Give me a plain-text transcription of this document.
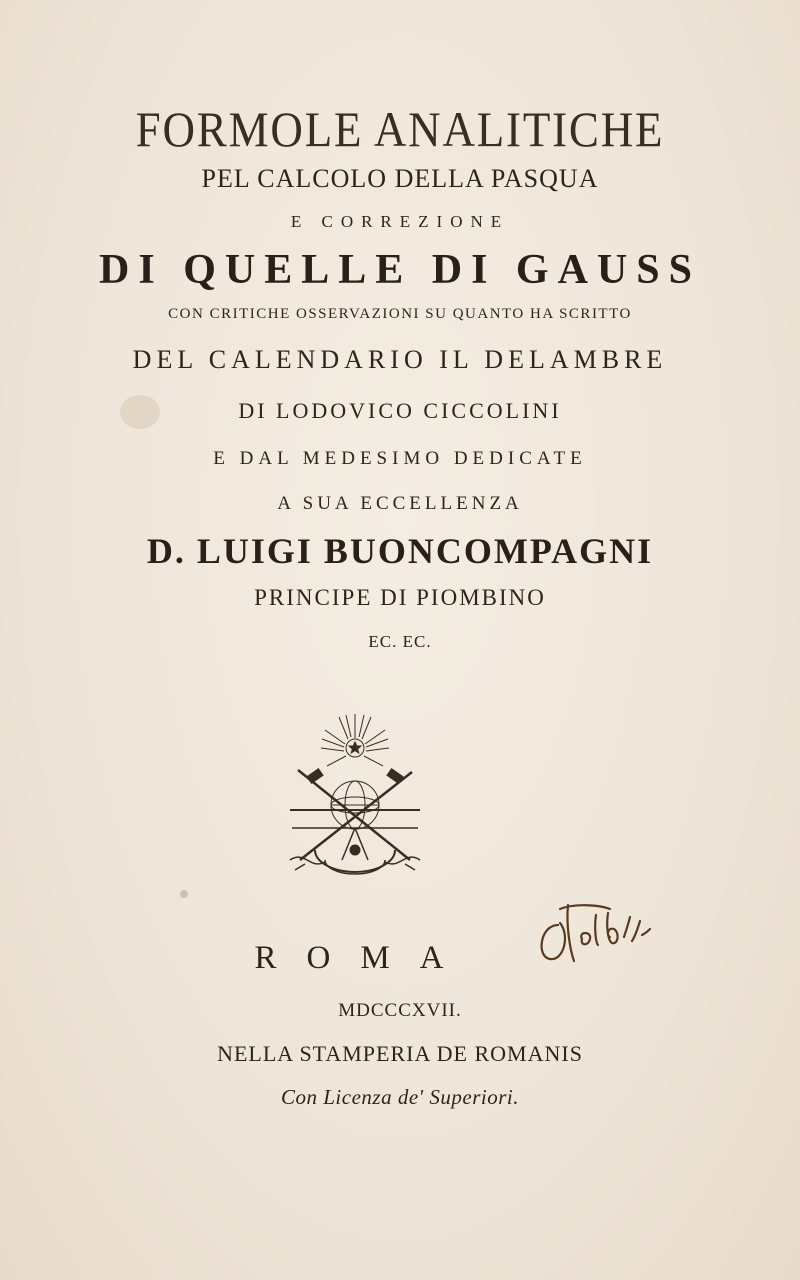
FORMOLE ANALITICHE
PEL CALCOLO DELLA PASQUA
E CORREZIONE
DI QUELLE DI GAUSS
CON CRITICHE OSSERVAZIONI SU QUANTO HA SCRITTO
DEL CALENDARIO IL DELAMBRE
DI LODOVICO CICCOLINI
E DAL MEDESIMO DEDICATE
A SUA ECCELLENZA
D. LUIGI BUONCOMPAGNI
PRINCIPE DI PIOMBINO
EC. EC.
ROMA
MDCCCXVII.
NELLA STAMPERIA DE ROMANIS
Con Licenza de' Superiori.
